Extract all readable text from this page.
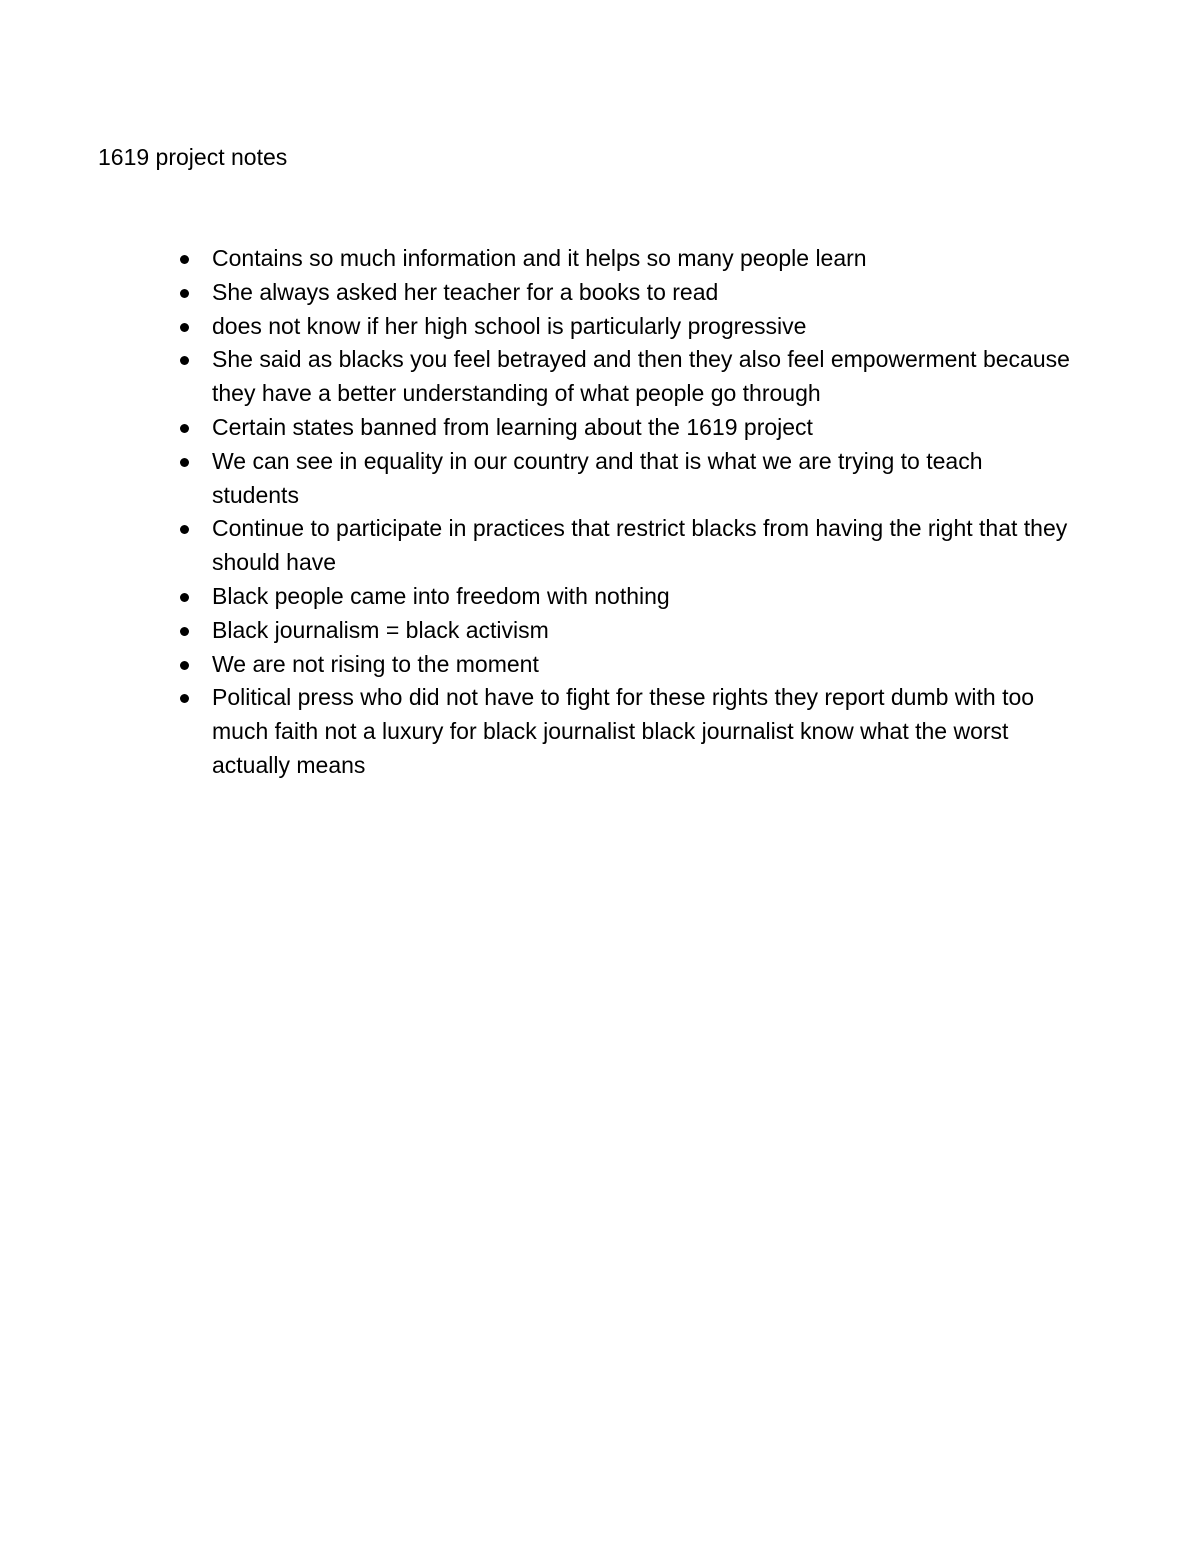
1619 project notes
Contains so much information and it helps so many people learn
She always asked her teacher for a books to read
does not know if her high school is particularly progressive
She said as blacks you feel betrayed and then they also feel empowerment because they have a better understanding of what people go through
Certain states banned from learning about the 1619 project
We can see in equality in our country and that is what we are trying to teach students
Continue to participate in practices that restrict blacks from having the right that they should have
Black people came into freedom with nothing
Black journalism = black activism
We are not rising to the moment
Political press who did not have to fight for these rights they report dumb with too much faith not a luxury for black journalist black journalist know what the worst actually means
